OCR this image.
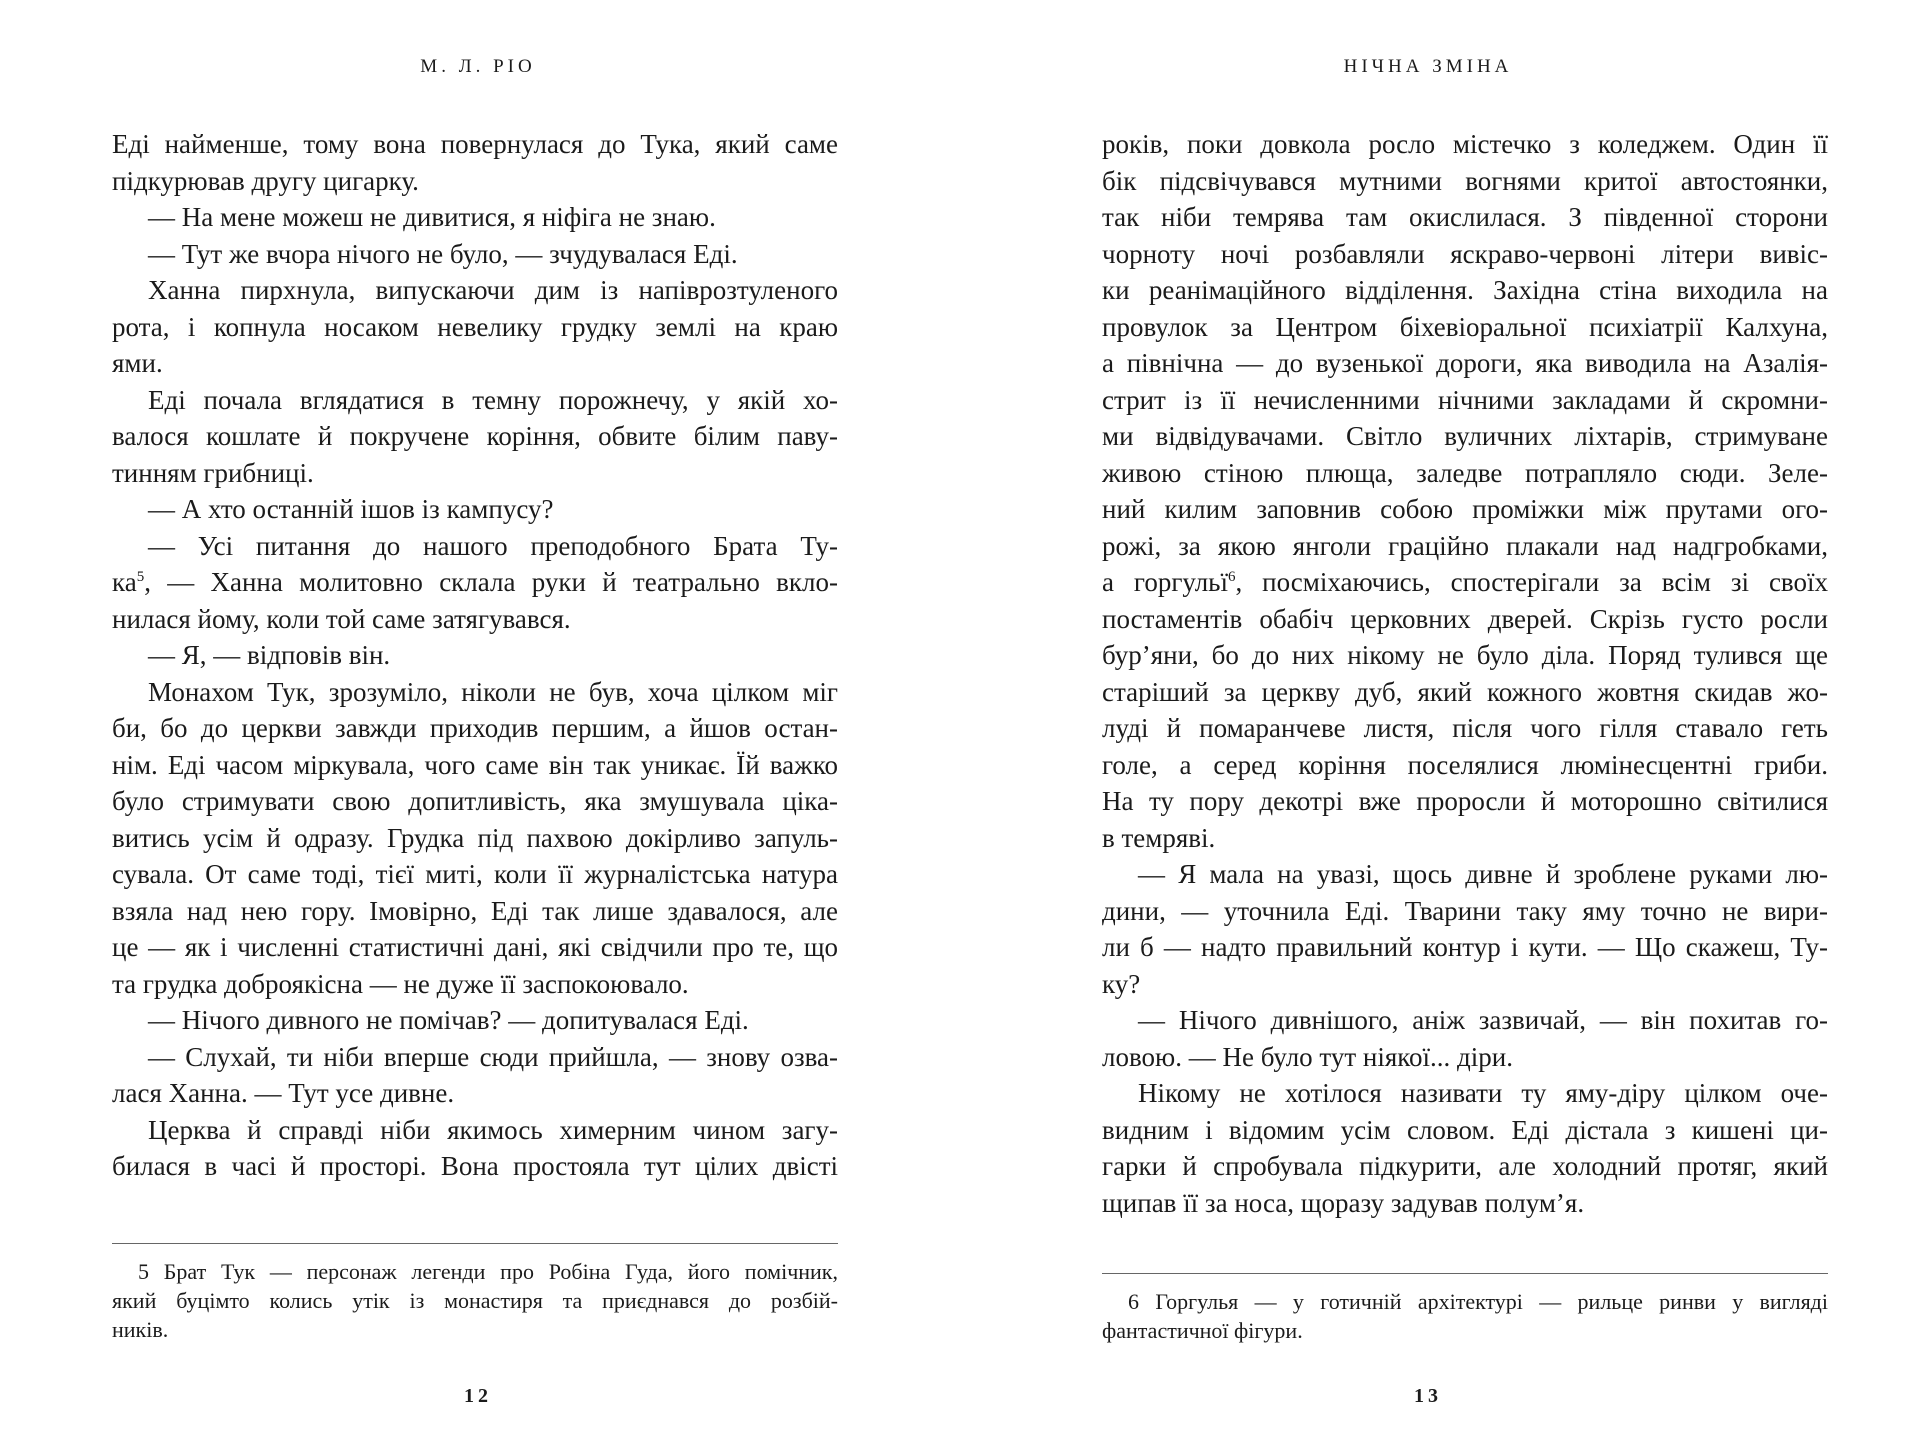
М. Л. РІО
Еді найменше, тому вона повернулася до Тука, який саме
підкурював другу цигарку.
— На мене можеш не дивитися, я ніфіга не знаю.
— Тут же вчора нічого не було, — зчудувалася Еді.
Ханна пирхнула, випускаючи дим із напіврозтуленого
рота, і копнула носаком невелику грудку землі на краю
ями.
Еді почала вглядатися в темну порожнечу, у якій хо-
валося кошлате й покручене коріння, обвите білим паву-
тинням грибниці.
— А хто останній ішов із кампусу?
— Усі питання до нашого преподобного Брата Ту-
$ка^5$, — Ханна молитовно склала руки й театрально вкло-
нилася йому, коли той саме затягувався.
— Я, — відповів він.
Монахом Тук, зрозуміло, ніколи не був, хоча цілком міг
би, бо до церкви завжди приходив першим, а йшов остан-
нім. Еді часом міркувала, чого саме він так уникає. Їй важко
було стримувати свою допитливість, яка змушувала ціка-
витись усім й одразу. Грудка під пахвою докірливо запуль-
сувала. От саме тоді, тієї миті, коли її журналістська натура
взяла над нею гору. Імовірно, Еді так лише здавалося, але
це — як і численні статистичні дані, які свідчили про те, що
та грудка доброякісна — не дуже її заспокоювало.
— Нічого дивного не помічав? — допитувалася Еді.
— Слухай, ти ніби вперше сюди прийшла, — знову озва-
лася Ханна. — Тут усе дивне.
Церква й справді ніби якимось химерним чином загу-
билася в часі й просторі. Вона простояла тут цілих двісті
5 Брат Тук — персонаж легенди про Робіна Гуда, його помічник,
який буцімто колись утік із монастиря та приєднався до розбій-
ників.
12
НІЧНА ЗМІНА
років, поки довкола росло містечко з коледжем. Один її
бік підсвічувався мутними вогнями критої автостоянки,
так ніби темрява там окислилася. З південної сторони
чорноту ночі розбавляли яскраво-червоні літери вивіс-
ки реанімаційного відділення. Західна стіна виходила на
провулок за Центром біхевіоральної психіатрії Калхуна,
а північна — до вузенької дороги, яка виводила на Азалія-
стрит із її нечисленними нічними закладами й скромни-
ми відвідувачами. Світло вуличних ліхтарів, стримуване
живою стіною плюща, заледве потрапляло сюди. Зеле-
ний килим заповнив собою проміжки між прутами ого-
рожі, за якою янголи граційно плакали над надгробками,
а горгульї$^6$, посміхаючись, спостерігали за всім зі своїх
постаментів обабіч церковних дверей. Скрізь густо росли
бур’яни, бо до них нікому не було діла. Поряд тулився ще
старіший за церкву дуб, який кожного жовтня скидав жо-
луді й помаранчеве листя, після чого гілля ставало геть
голе, а серед коріння поселялися люмінесцентні гриби.
На ту пору декотрі вже проросли й моторошно світилися
в темряві.
— Я мала на увазі, щось дивне й зроблене руками лю-
дини, — уточнила Еді. Тварини таку яму точно не вири-
ли б — надто правильний контур і кути. — Що скажеш, Ту-
ку?
— Нічого дивнішого, аніж зазвичай, — він похитав го-
ловою. — Не було тут ніякої... діри.
Нікому не хотілося називати ту яму-діру цілком оче-
видним і відомим усім словом. Еді дістала з кишені ци-
гарки й спробувала підкурити, але холодний протяг, який
щипав її за носа, щоразу задував полум’я.
6 Горгулья — у готичній архітектурі — рильце ринви у вигляді
фантастичної фігури.
13
